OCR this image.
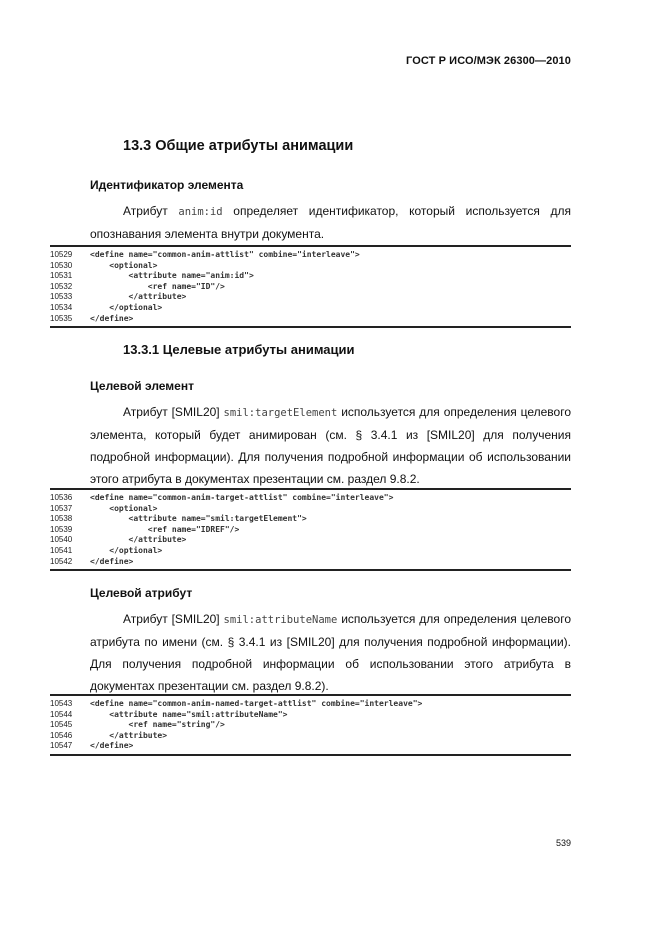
ГОСТ Р ИСО/МЭК 26300—2010
13.3 Общие атрибуты анимации
Идентификатор элемента

Атрибут anim:id определяет идентификатор, который используется для опознавания элемента внутри документа.

10529	<define name="common-anim-attlist" combine="interleave">
10530	<optional>
10531	<attribute name="anim:id">
10532	<ref name="ID"/>
10533	</attribute>
10534	</optional>
10535	</define>
13.3.1 Целевые атрибуты анимации
Целевой элемент

Атрибут [SMIL20] smil:targetElement используется для определения целевого элемента, который будет анимирован (см. § 3.4.1 из [SMIL20] для получения подробной информации). Для получения подробной информации об использовании этого атрибута в документах презентации см. раздел 9.8.2.

10536	<define name="common-anim-target-attlist" combine="interleave">
10537	<optional>
10538	<attribute name="smil:targetElement">
10539	<ref name="IDREF"/>
10540	</attribute>
10541	</optional>
10542	</define>
Целевой атрибут

Атрибут [SMIL20] smil:attributeName используется для определения целевого атрибута по имени (см. § 3.4.1 из [SMIL20] для получения подробной информации). Для получения подробной информации об использовании этого атрибута в документах презентации см. раздел 9.8.2).

10543	<define name="common-anim-named-target-attlist" combine="interleave">
10544	<attribute name="smil:attributeName">
10545	<ref name="string"/>
10546	</attribute>
10547	</define>
539
